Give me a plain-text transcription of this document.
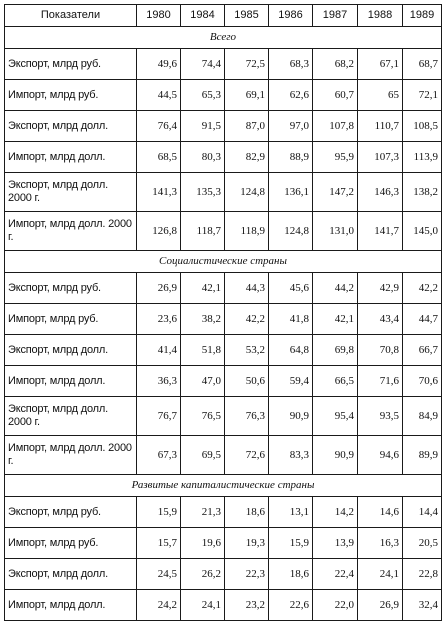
Показатели	1980	1984	1985	1986	1987	1988	1989
Всего							
Экспорт, млрд руб.	49,6	74,4	72,5	68,3	68,2	67,1	68,7
Импорт, млрд руб.	44,5	65,3	69,1	62,6	60,7	65	72,1
Экспорт, млрд долл.	76,4	91,5	87,0	97,0	107,8	110,7	108,5
Импорт, млрд долл.	68,5	80,3	82,9	88,9	95,9	107,3	113,9
Экспорт, млрд долл. 2000 г.	141,3	135,3	124,8	136,1	147,2	146,3	138,2
Импорт, млрд долл. 2000 г.	126,8	118,7	118,9	124,8	131,0	141,7	145,0
Социалистические страны							
Экспорт, млрд руб.	26,9	42,1	44,3	45,6	44,2	42,9	42,2
Импорт, млрд руб.	23,6	38,2	42,2	41,8	42,1	43,4	44,7
Экспорт, млрд долл.	41,4	51,8	53,2	64,8	69,8	70,8	66,7
Импорт, млрд долл.	36,3	47,0	50,6	59,4	66,5	71,6	70,6
Экспорт, млрд долл. 2000 г.	76,7	76,5	76,3	90,9	95,4	93,5	84,9
Импорт, млрд долл. 2000 г.	67,3	69,5	72,6	83,3	90,9	94,6	89,9
Развитые капиталистические страны							
Экспорт, млрд руб.	15,9	21,3	18,6	13,1	14,2	14,6	14,4
Импорт, млрд руб.	15,7	19,6	19,3	15,9	13,9	16,3	20,5
Экспорт, млрд долл.	24,5	26,2	22,3	18,6	22,4	24,1	22,8
Импорт, млрд долл.	24,2	24,1	23,2	22,6	22,0	26,9	32,4
